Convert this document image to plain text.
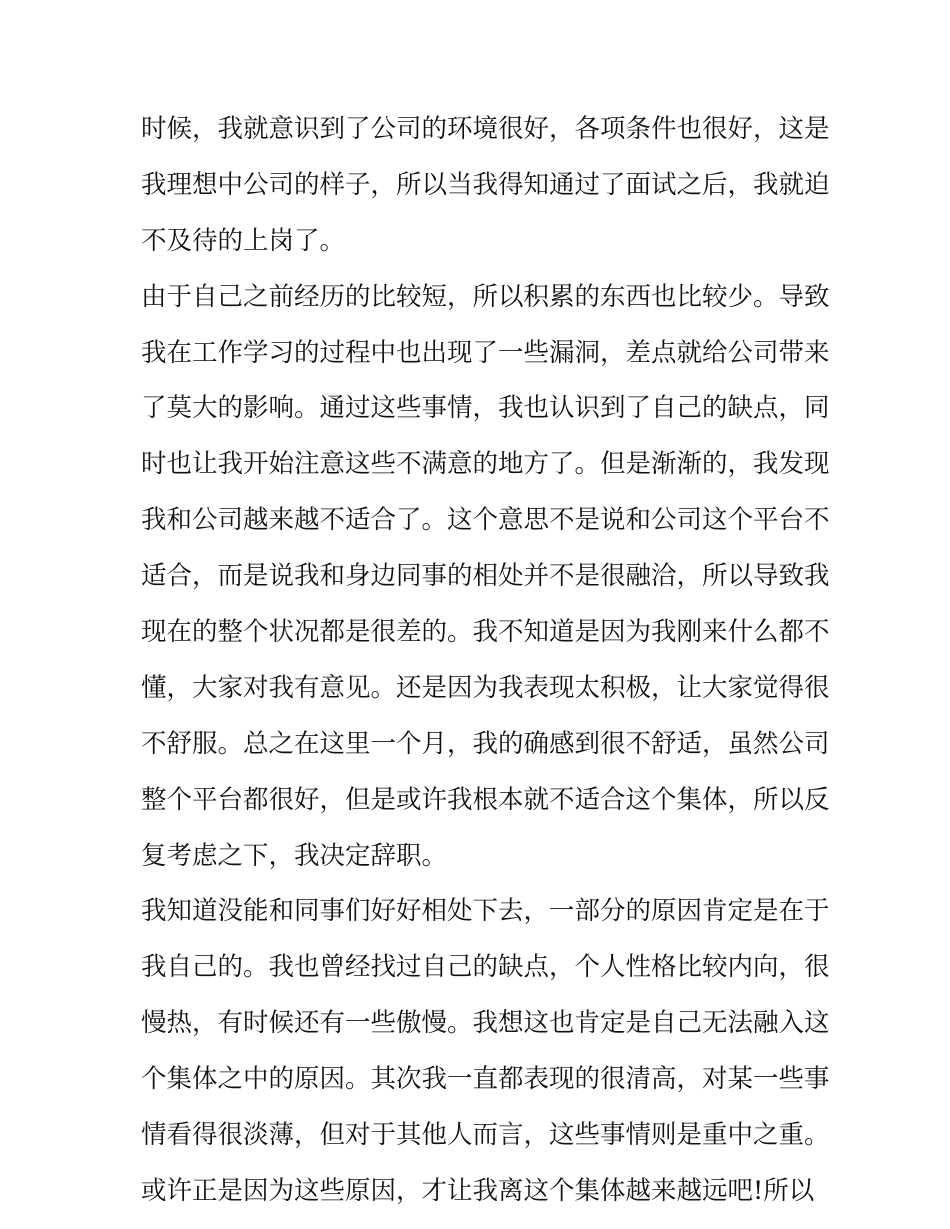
时候，我就意识到了公司的环境很好，各项条件也很好，这是
我理想中公司的样子，所以当我得知通过了面试之后，我就迫
不及待的上岗了。
由于自己之前经历的比较短，所以积累的东西也比较少。导致
我在工作学习的过程中也出现了一些漏洞，差点就给公司带来
了莫大的影响。通过这些事情，我也认识到了自己的缺点，同
时也让我开始注意这些不满意的地方了。但是渐渐的，我发现
我和公司越来越不适合了。这个意思不是说和公司这个平台不
适合，而是说我和身边同事的相处并不是很融洽，所以导致我
现在的整个状况都是很差的。我不知道是因为我刚来什么都不
懂，大家对我有意见。还是因为我表现太积极，让大家觉得很
不舒服。总之在这里一个月，我的确感到很不舒适，虽然公司
整个平台都很好，但是或许我根本就不适合这个集体，所以反
复考虑之下，我决定辞职。
我知道没能和同事们好好相处下去，一部分的原因肯定是在于
我自己的。我也曾经找过自己的缺点，个人性格比较内向，很
慢热，有时候还有一些傲慢。我想这也肯定是自己无法融入这
个集体之中的原因。其次我一直都表现的很清高，对某一些事
情看得很淡薄，但对于其他人而言，这些事情则是重中之重。
或许正是因为这些原因，才让我离这个集体越来越远吧!所以
